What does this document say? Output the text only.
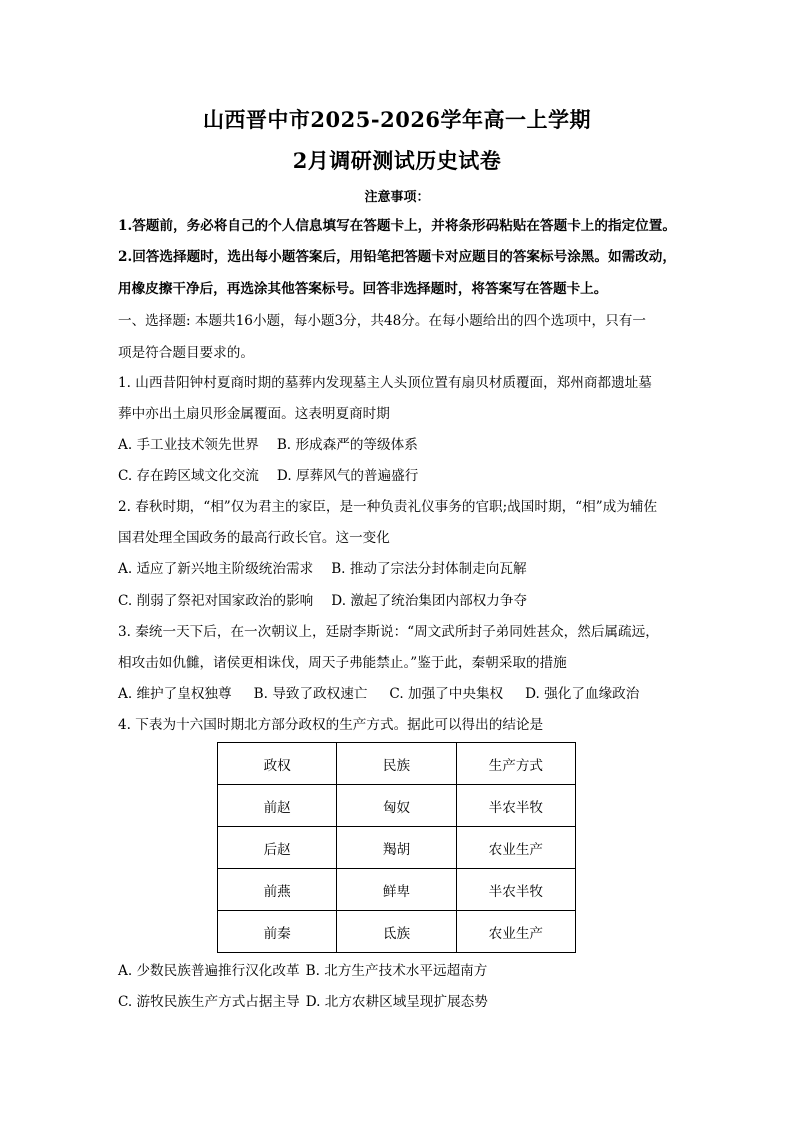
山西晋中市2025-2026学年高一上学期
2月调研测试历史试卷
注意事项：
1.答题前，务必将自己的个人信息填写在答题卡上，并将条形码粘贴在答题卡上的指定位置。
2.回答选择题时，选出每小题答案后，用铅笔把答题卡对应题目的答案标号涂黑。如需改动，
用橡皮擦干净后，再选涂其他答案标号。回答非选择题时，将答案写在答题卡上。
一、选择题: 本题共16小题，每小题3分，共48分。在每小题给出的四个选项中，只有一
项是符合题目要求的。
1. 山西昔阳钟村夏商时期的墓葬内发现墓主人头顶位置有扇贝材质覆面，郑州商都遗址墓
葬中亦出土扇贝形金属覆面。这表明夏商时期
A. 手工业技术领先世界 B. 形成森严的等级体系
C. 存在跨区域文化交流 D. 厚葬风气的普遍盛行
2. 春秋时期，“相”仅为君主的家臣，是一种负责礼仪事务的官职;战国时期，“相”成为辅佐
国君处理全国政务的最高行政长官。这一变化
A. 适应了新兴地主阶级统治需求 B. 推动了宗法分封体制走向瓦解
C. 削弱了祭祀对国家政治的影响 D. 激起了统治集团内部权力争夺
3. 秦统一天下后，在一次朝议上，廷尉李斯说：“周文武所封子弟同姓甚众，然后属疏远，
相攻击如仇雠，诸侯更相诛伐，周天子弗能禁止。”鉴于此，秦朝采取的措施
A. 维护了皇权独尊 B. 导致了政权速亡 C. 加强了中央集权 D. 强化了血缘政治
4. 下表为十六国时期北方部分政权的生产方式。据此可以得出的结论是
政权	民族	生产方式
前赵	匈奴	半农半牧
后赵	羯胡	农业生产
前燕	鲜卑	半农半牧
前秦	氐族	农业生产
A. 少数民族普遍推行汉化改革 B. 北方生产技术水平远超南方
C. 游牧民族生产方式占据主导 D. 北方农耕区域呈现扩展态势
